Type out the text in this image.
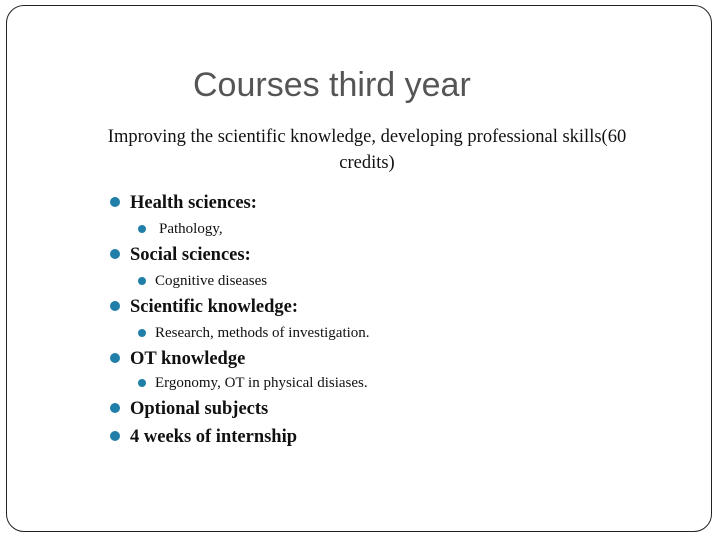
Courses third year
Improving the scientific knowledge, developing professional skills(60
credits)
Health sciences:
Pathology,
Social sciences:
Cognitive diseases
Scientific knowledge:
Research, methods of investigation.
OT knowledge
Ergonomy, OT in physical disiases.
Optional subjects
4 weeks of internship
